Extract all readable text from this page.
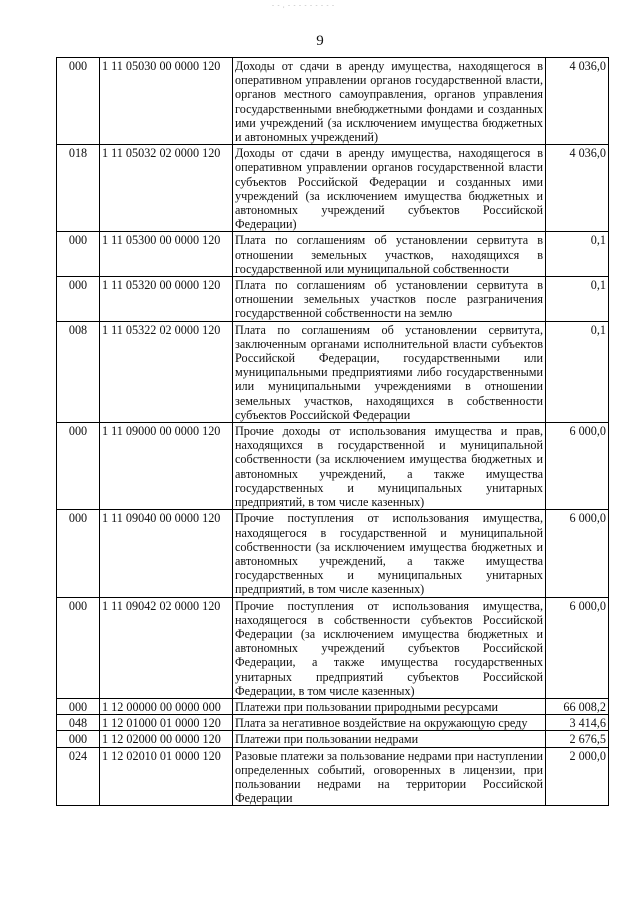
- - , - - - - - - - - -
9
000	1 11 05030 00 0000 120	Доходы от сдачи в аренду имущества, находящегося в оперативном управлении органов государственной власти, органов местного самоуправления, органов управления государственными внебюджетными фондами и созданных ими учреждений (за исключением имущества бюджетных и автономных учреждений)	4 036,0
018	1 11 05032 02 0000 120	Доходы от сдачи в аренду имущества, находящегося в оперативном управлении органов государственной власти субъектов Российской Федерации и созданных ими учреждений (за исключением имущества бюджетных и автономных учреждений субъектов Российской Федерации)	4 036,0
000	1 11 05300 00 0000 120	Плата по соглашениям об установлении сервитута в отношении земельных участков, находящихся в государственной или муниципальной собственности	0,1
000	1 11 05320 00 0000 120	Плата по соглашениям об установлении сервитута в отношении земельных участков после разграничения государственной собственности на землю	0,1
008	1 11 05322 02 0000 120	Плата по соглашениям об установлении сервитута, заключенным органами исполнительной власти субъектов Российской Федерации, государственными или муниципальными предприятиями либо государственными или муниципальными учреждениями в отношении земельных участков, находящихся в собственности субъектов Российской Федерации	0,1
000	1 11 09000 00 0000 120	Прочие доходы от использования имущества и прав, находящихся в государственной и муниципальной собственности (за исключением имущества бюджетных и автономных учреждений, а также имущества государственных и муниципальных унитарных предприятий, в том числе казенных)	6 000,0
000	1 11 09040 00 0000 120	Прочие поступления от использования имущества, находящегося в государственной и муниципальной собственности (за исключением имущества бюджетных и автономных учреждений, а также имущества государственных и муниципальных унитарных предприятий, в том числе казенных)	6 000,0
000	1 11 09042 02 0000 120	Прочие поступления от использования имущества, находящегося в собственности субъектов Российской Федерации (за исключением имущества бюджетных и автономных учреждений субъектов Российской Федерации, а также имущества государственных унитарных предприятий субъектов Российской Федерации, в том числе казенных)	6 000,0
000	1 12 00000 00 0000 000	Платежи при пользовании природными ресурсами	66 008,2
048	1 12 01000 01 0000 120	Плата за негативное воздействие на окружающую среду	3 414,6
000	1 12 02000 00 0000 120	Платежи при пользовании недрами	2 676,5
024	1 12 02010 01 0000 120	Разовые платежи за пользование недрами при наступлении определенных событий, оговоренных в лицензии, при пользовании недрами на территории Российской Федерации	2 000,0
